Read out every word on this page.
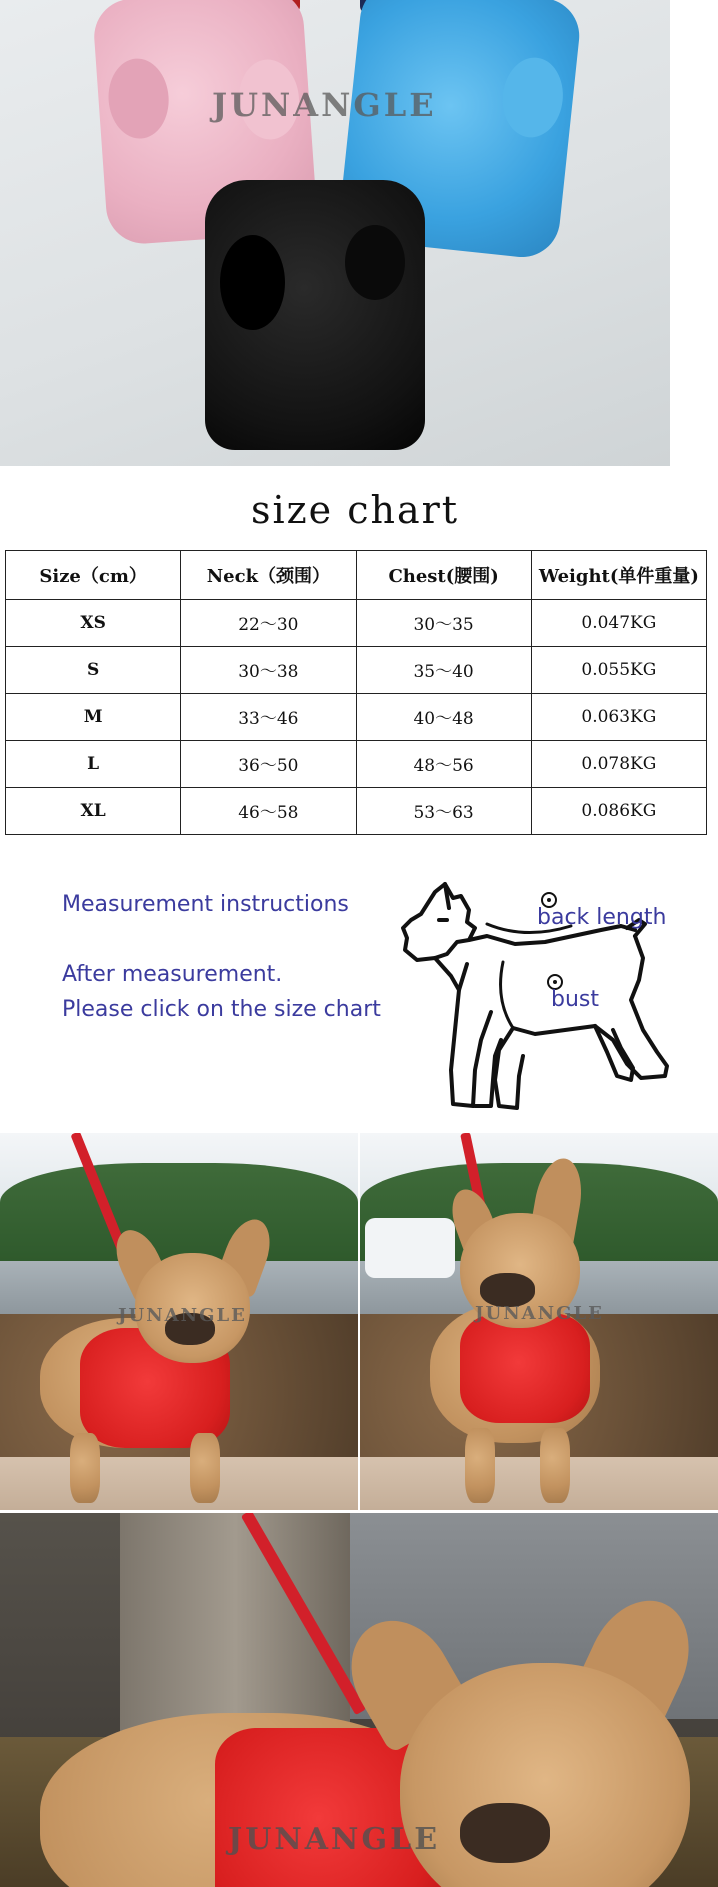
JUNANGLE
size chart
Size（cm）	Neck（颈围）	Chest(腰围)	Weight(单件重量)
XS	22～30	30～35	0.047KG
S	30～38	35～40	0.055KG
M	33～46	40～48	0.063KG
L	36～50	48～56	0.078KG
XL	46～58	53～63	0.086KG
Measurement instructions
After measurement.
Please click on the size chart
back length
bust
JUNANGLE	JUNANGLE
JUNANGLE
